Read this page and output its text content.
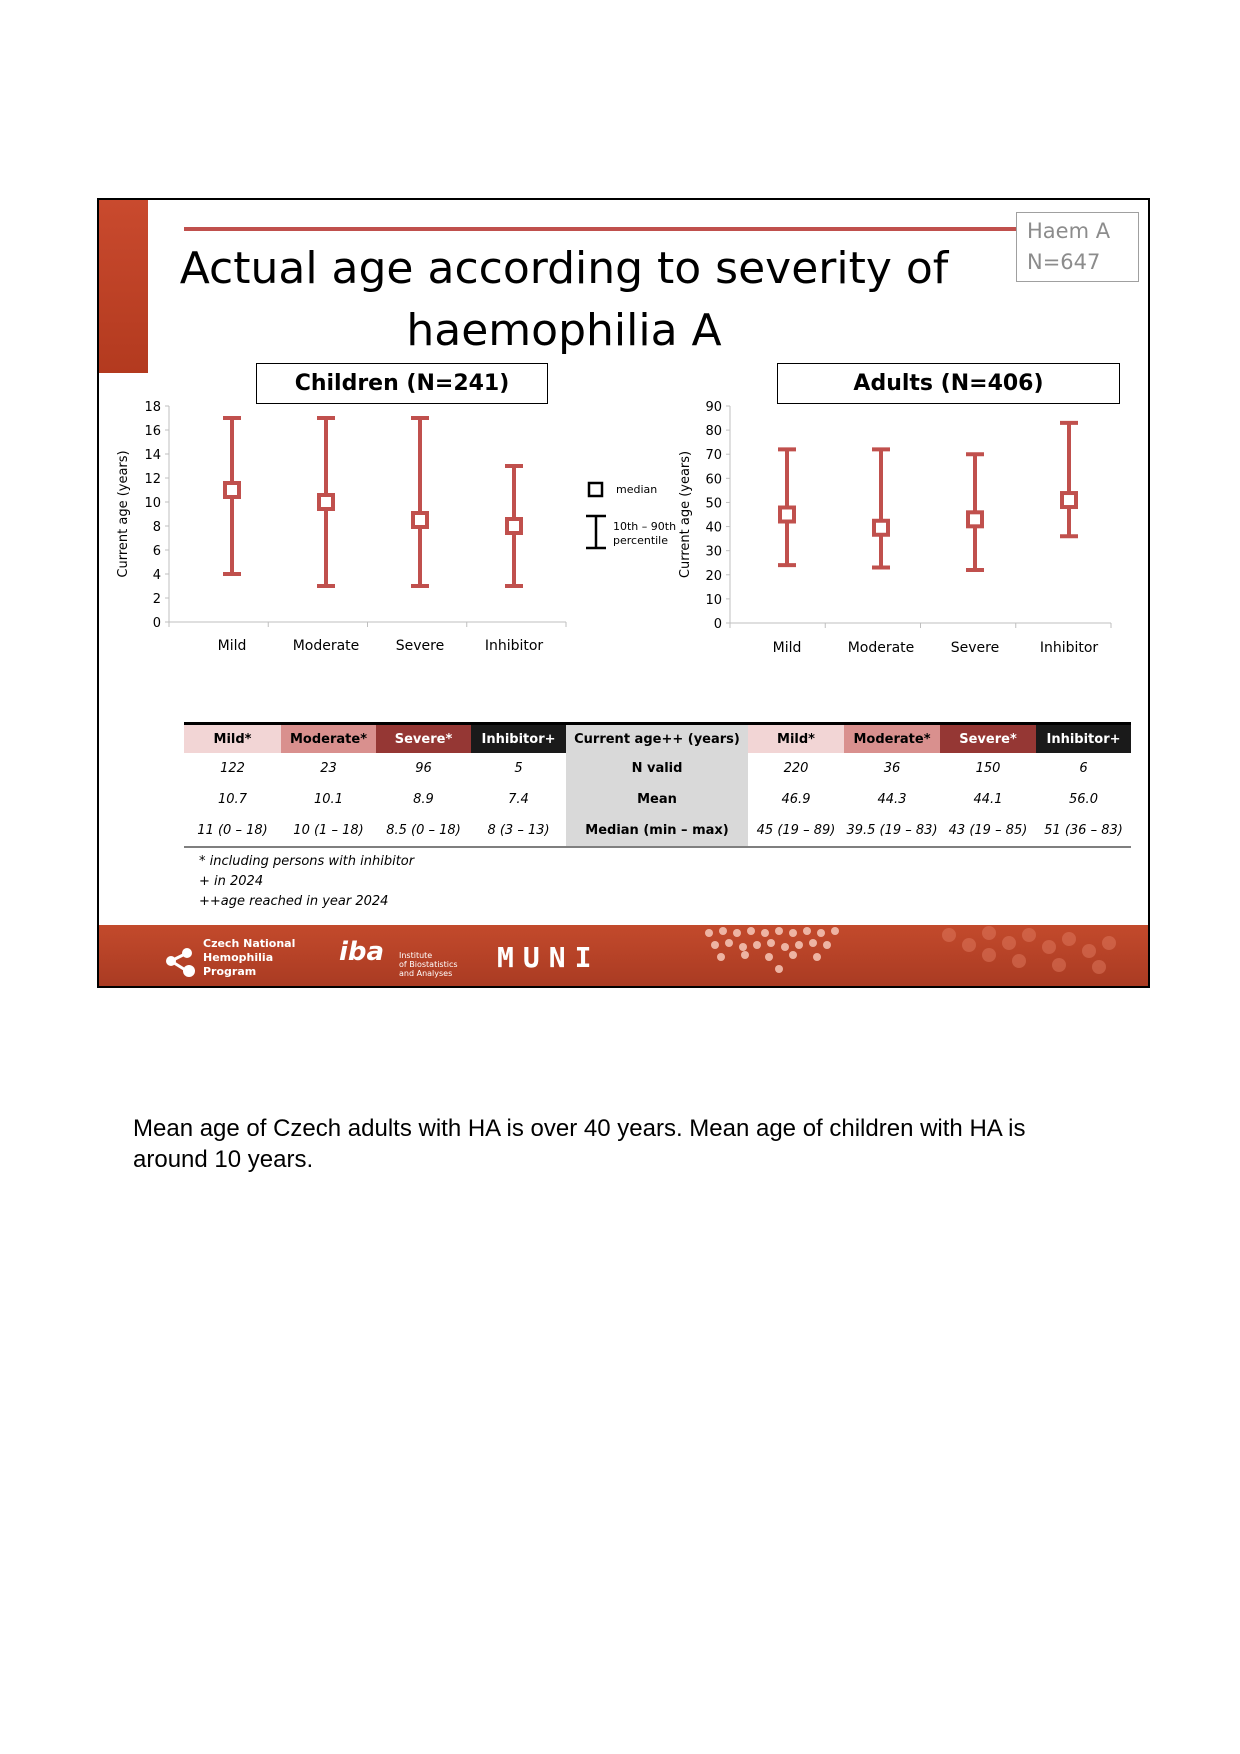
Haem A
N=647
Actual age according to severity of
haemophilia A
Children (N=241)	Adults (N=406)
0
2
4
6
8
10
12
14
16
18
Current age (years)
Mild	Moderate	Severe	Inhibitor
0
10
20
30
40
50
60
70
80
90
Current age (years)
Mild	Moderate	Severe	Inhibitor
median
10th – 90th
percentile
Mild*	Moderate*	Severe*	Inhibitor+	Current age++ (years)	Mild*	Moderate*	Severe*	Inhibitor+
122	23	96	5	N valid	220	36	150	6
10.7	10.1	8.9	7.4	Mean	46.9	44.3	44.1	56.0
11 (0 – 18)	10 (1 – 18)	8.5 (0 – 18)	8 (3 – 13)	Median (min – max)	45 (19 – 89)	39.5 (19 – 83)	43 (19 – 85)	51 (36 – 83)
* including persons with inhibitor
+ in 2024
++age reached in year 2024
Czech National
Hemophilia
Program
iba Institute
of Biostatistics
and Analyses MUNI
Mean age of Czech adults with HA is over 40 years. Mean age of children with HA is around 10 years.
